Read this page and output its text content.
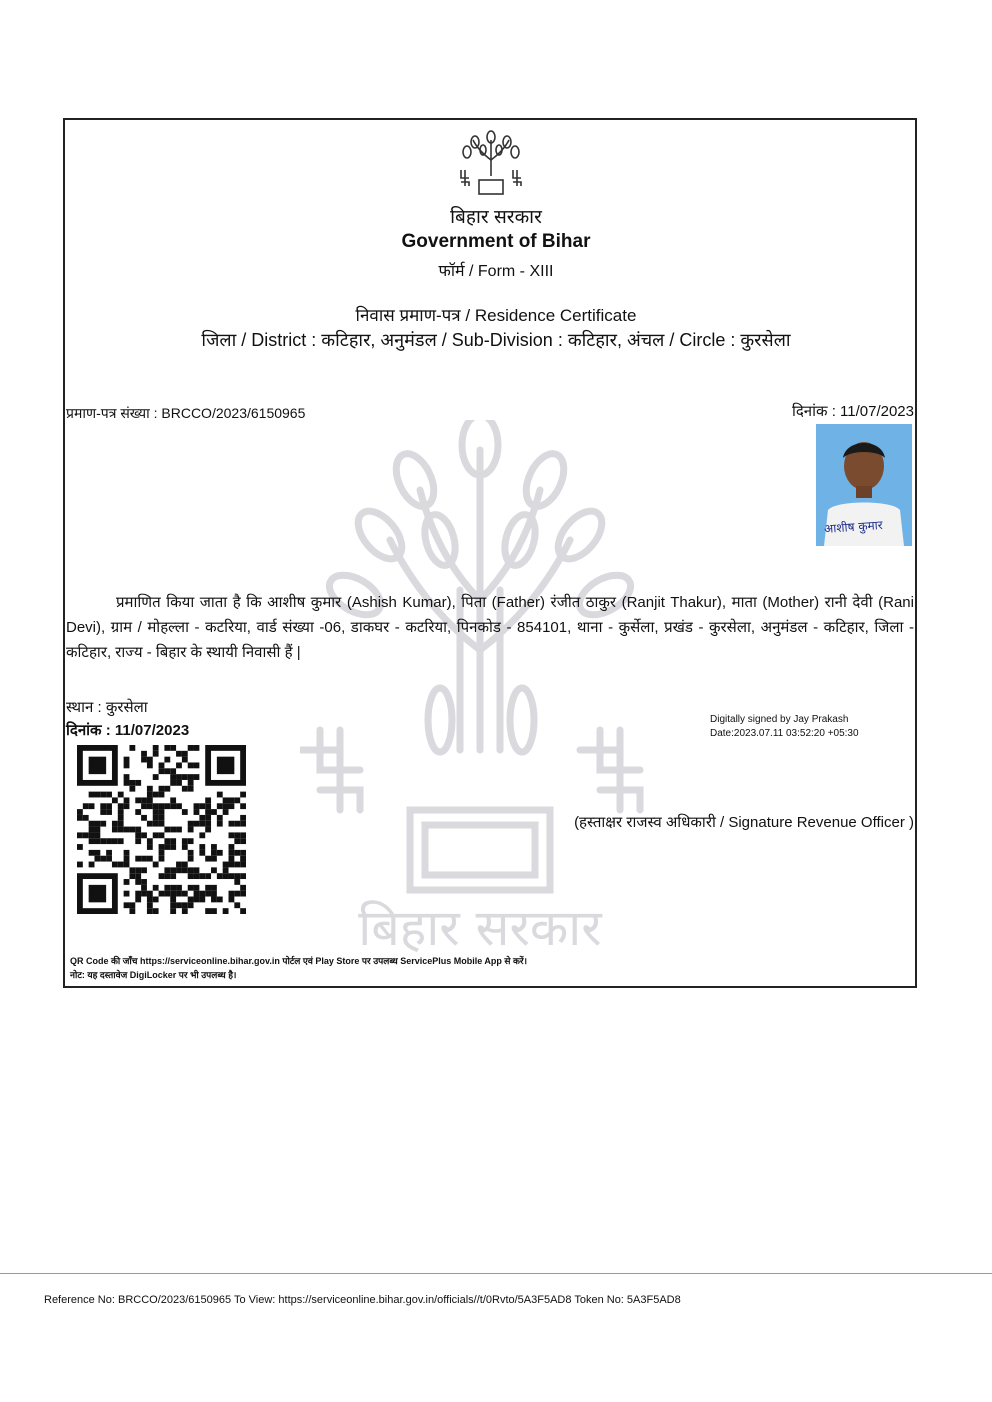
बिहार सरकार
बिहार सरकार
Government of Bihar
फॉर्म / Form - XIII
निवास प्रमाण-पत्र / Residence Certificate
जिला / District : कटिहार, अनुमंडल / Sub-Division : कटिहार, अंचल / Circle : कुरसेला
प्रमाण-पत्र संख्या : BRCCO/2023/6150965	दिनांक : 11/07/2023
आशीष कुमार
प्रमाणित किया जाता है कि आशीष कुमार (Ashish Kumar), पिता (Father) रंजीत ठाकुर (Ranjit Thakur), माता (Mother) रानी देवी (Rani Devi), ग्राम / मोहल्ला - कटरिया, वार्ड संख्या -06, डाकघर - कटरिया, पिनकोड - 854101, थाना - कुर्सेला, प्रखंड - कुरसेला, अनुमंडल - कटिहार, जिला - कटिहार, राज्य - बिहार के स्थायी निवासी हैं |
स्थान : कुरसेला
दिनांक : 11/07/2023
Digitally signed by Jay Prakash
Date:2023.07.11 03:52:20 +05:30
(हस्ताक्षर राजस्व अधिकारी / Signature Revenue Officer )
QR Code की जाँच https://serviceonline.bihar.gov.in पोर्टल एवं Play Store पर उपलब्ध ServicePlus Mobile App से करें।
नोट: यह दस्तावेज DigiLocker पर भी उपलब्ध है।
Reference No: BRCCO/2023/6150965 To View: https://serviceonline.bihar.gov.in/officials//t/0Rvto/5A3F5AD8 Token No: 5A3F5AD8
